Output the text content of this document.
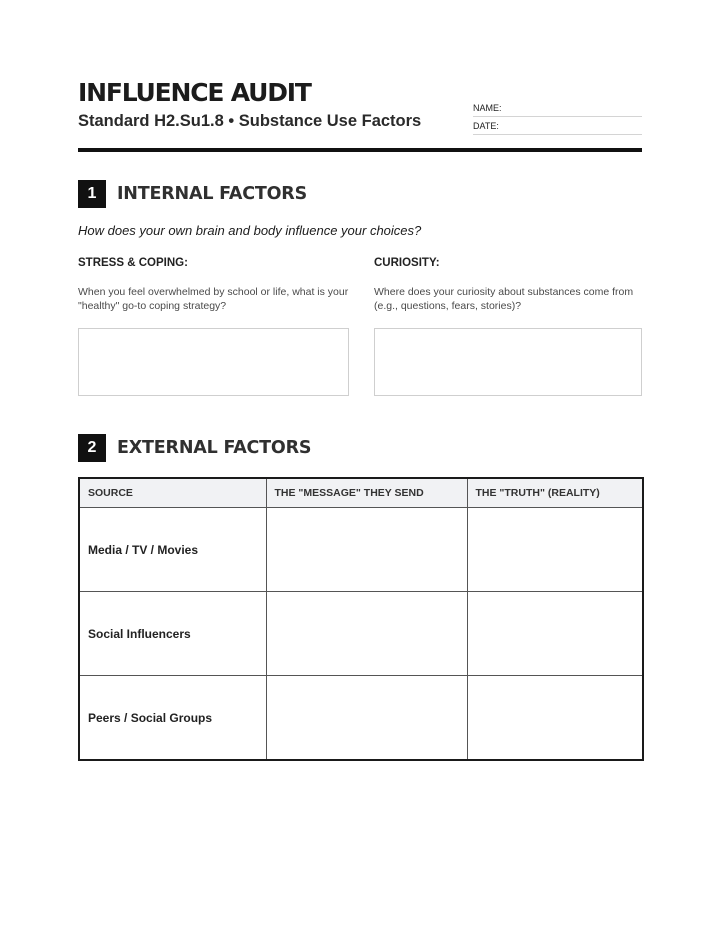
INFLUENCE AUDIT
Standard H2.Su1.8 • Substance Use Factors
NAME:
DATE:
1	INTERNAL FACTORS
How does your own brain and body influence your choices?
STRESS & COPING:
When you feel overwhelmed by school or life, what is your "healthy" go-to coping strategy?
CURIOSITY:
Where does your curiosity about substances come from (e.g., questions, fears, stories)?
2	EXTERNAL FACTORS
SOURCE	THE "MESSAGE" THEY SEND	THE "TRUTH" (REALITY)
Media / TV / Movies		
Social Influencers		
Peers / Social Groups		
